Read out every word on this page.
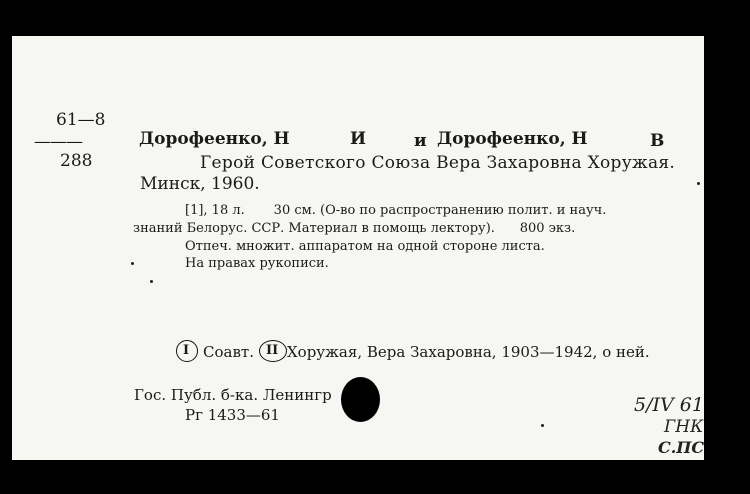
61—8
———
288
Дорофеенко, Н	И	и Дорофеенко, Н	В
Герой Советского Союза Вера Захаровна Хоружая.
Минск, 1960.
[1], 18 л.       30 см. (О-во по распространению полит. и науч.
знаний Белорус. ССР. Материал в помощь лектору).      800 экз.
Отпеч. множит. аппаратом на одной стороне листа.
На правах рукописи.
I Соавт. II Хоружая, Вера Захаровна, 1903—1942, о ней.
Гос. Публ. б-ка. Ленингр
Рг 1433—61	5/IV 61
ГНК
С.ПС
